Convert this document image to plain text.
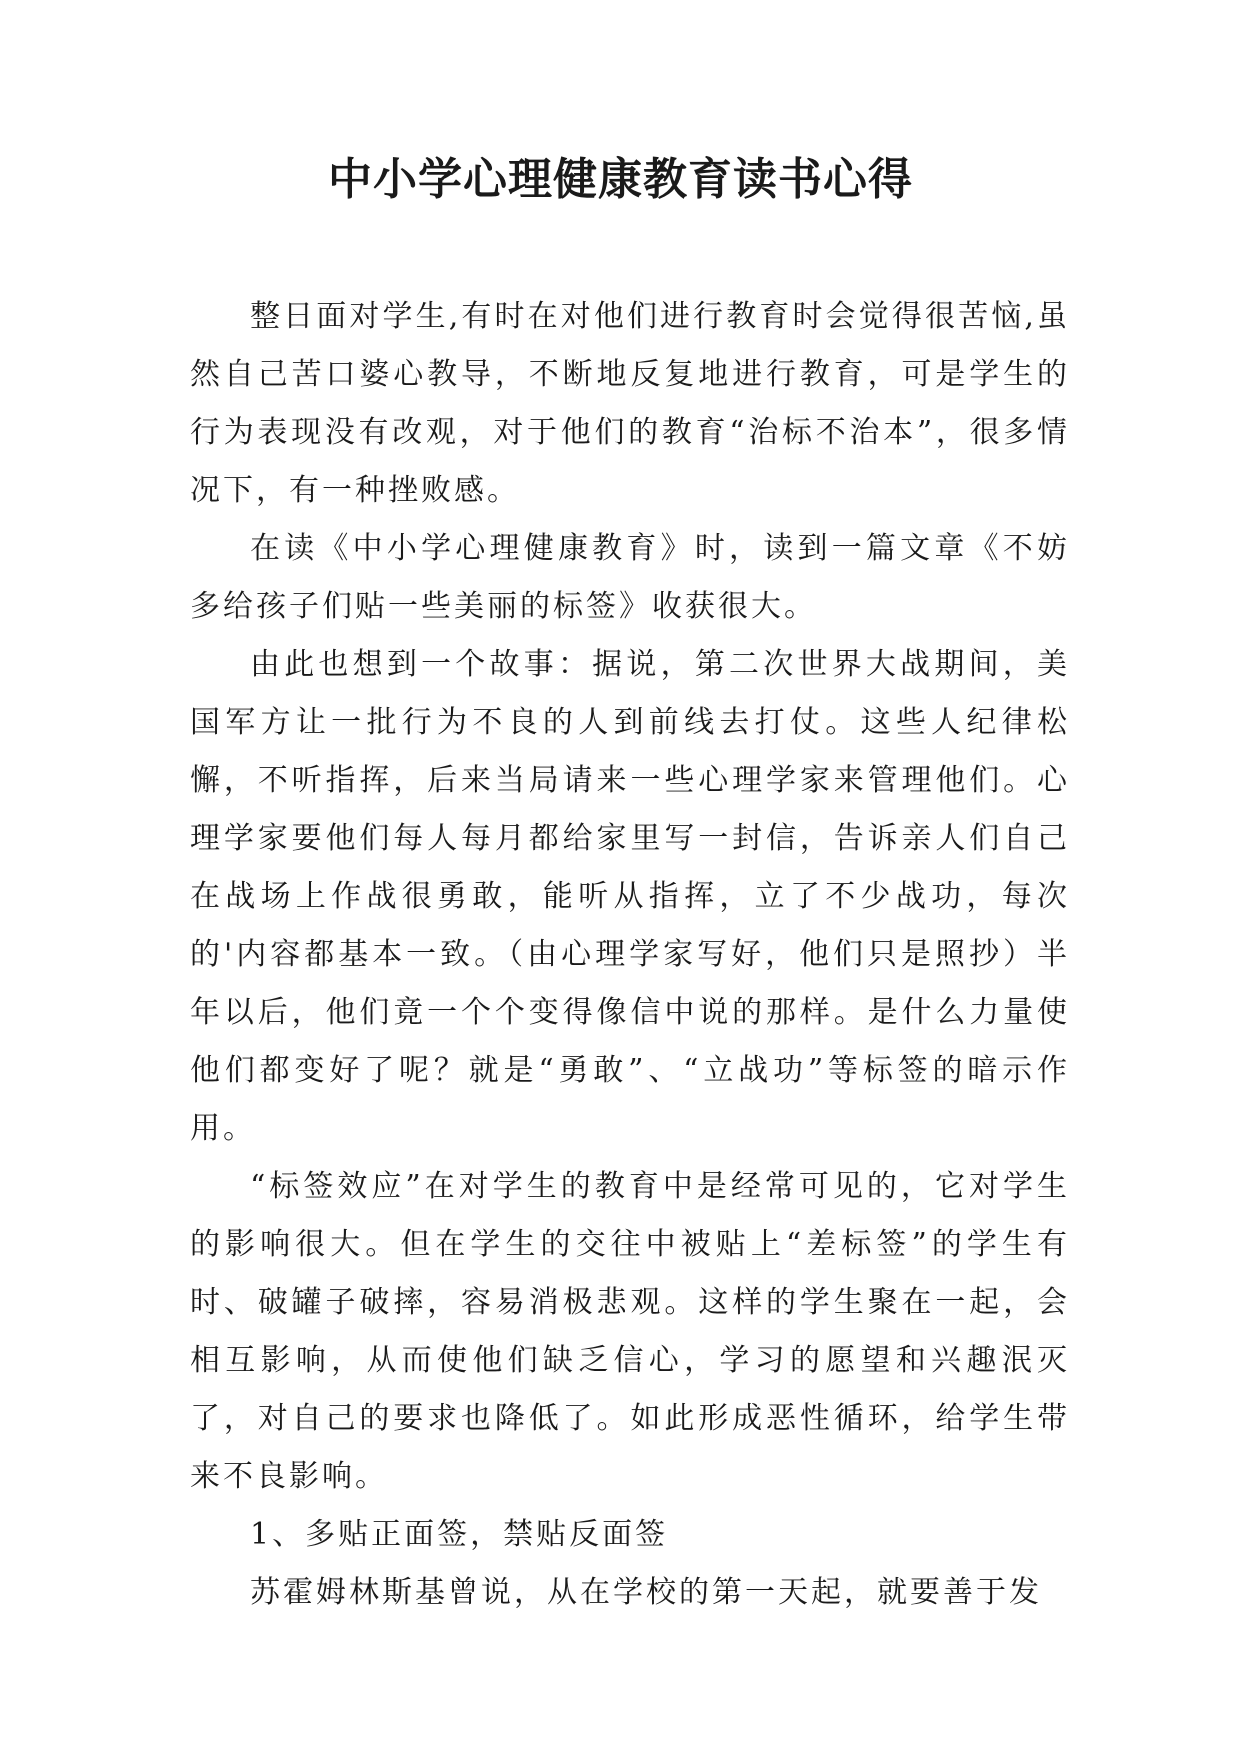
中小学心理健康教育读书心得

整日面对学生,有时在对他们进行教育时会觉得很苦恼,虽然自己苦口婆心教导，不断地反复地进行教育，可是学生的行为表现没有改观，对于他们的教育“治标不治本”，很多情况下，有一种挫败感。

在读《中小学心理健康教育》时，读到一篇文章《不妨多给孩子们贴一些美丽的标签》收获很大。

由此也想到一个故事：据说，第二次世界大战期间，美国军方让一批行为不良的人到前线去打仗。这些人纪律松懈，不听指挥，后来当局请来一些心理学家来管理他们。心理学家要他们每人每月都给家里写一封信，告诉亲人们自己在战场上作战很勇敢，能听从指挥，立了不少战功，每次的'内容都基本一致。（由心理学家写好，他们只是照抄）半年以后，他们竟一个个变得像信中说的那样。是什么力量使他们都变好了呢？就是“勇敢”、“立战功”等标签的暗示作用。

“标签效应”在对学生的教育中是经常可见的，它对学生的影响很大。但在学生的交往中被贴上“差标签”的学生有时、破罐子破摔，容易消极悲观。这样的学生聚在一起，会相互影响，从而使他们缺乏信心，学习的愿望和兴趣泯灭了，对自己的要求也降低了。如此形成恶性循环，给学生带来不良影响。

1、多贴正面签，禁贴反面签

苏霍姆林斯基曾说，从在学校的第一天起，就要善于发
